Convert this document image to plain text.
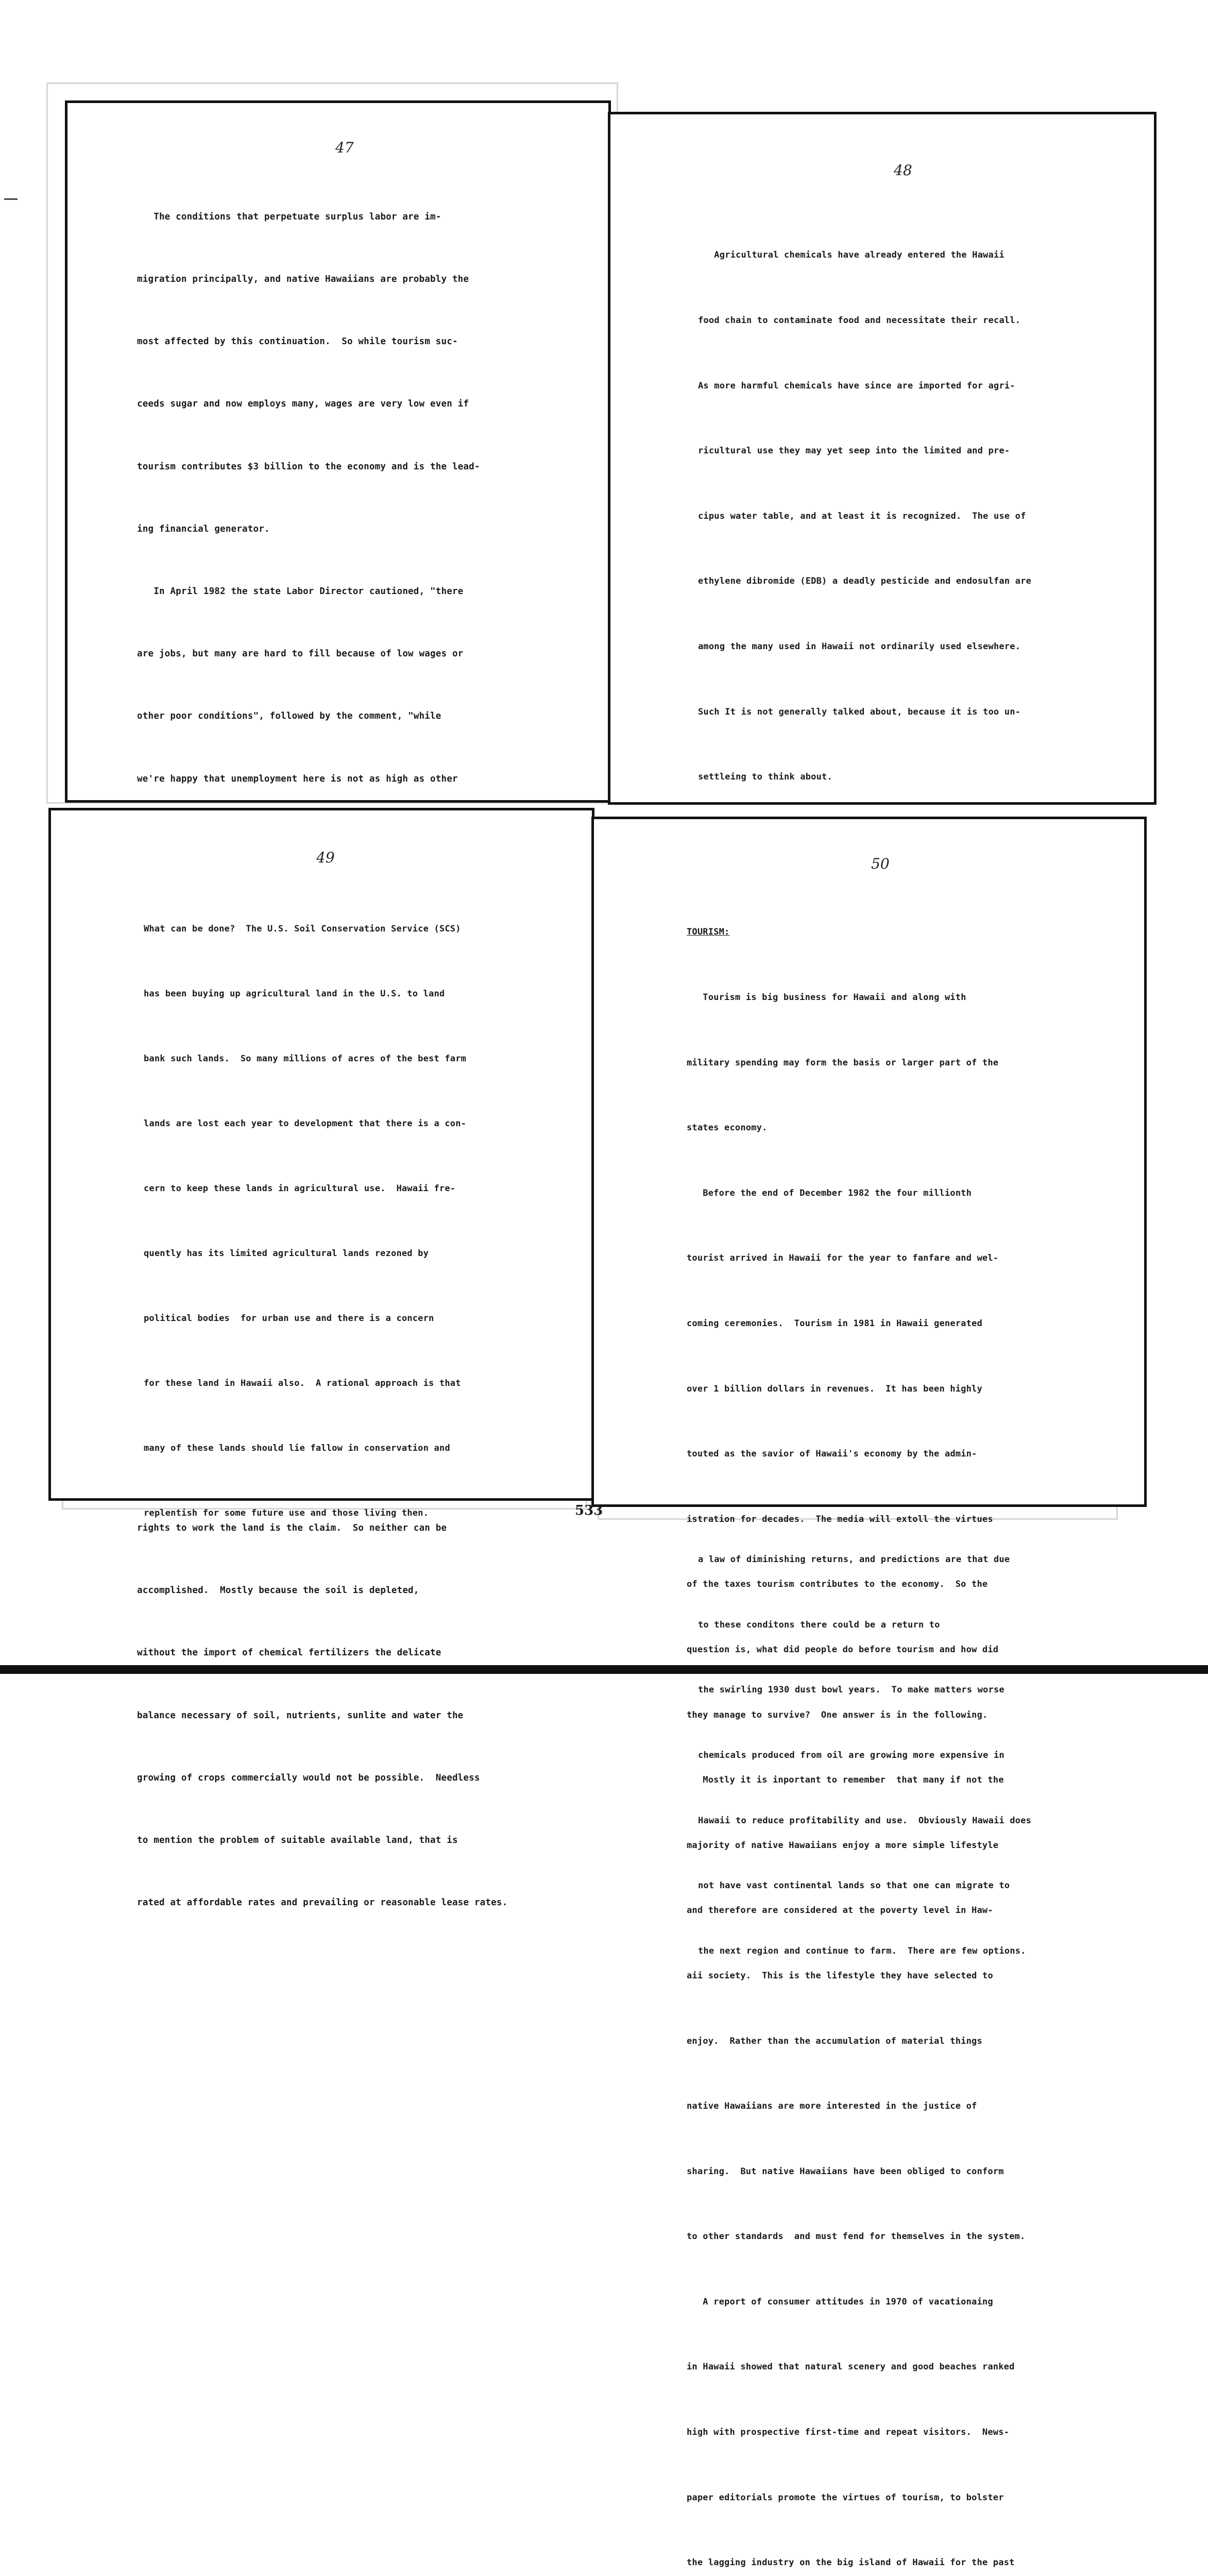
47

The conditions that perpetuate surplus labor are im-

migration principally, and native Hawaiians are probably the

most affected by this continuation.  So while tourism suc-

ceeds sugar and now employs many, wages are very low even if

tourism contributes $3 billion to the economy and is the lead-

ing financial generator.

In April 1982 the state Labor Director cautioned, "there

are jobs, but many are hard to fill because of low wages or

other poor conditions", followed by the comment, "while

we're happy that unemployment here is not as high as other

rights to work the land is the claim.  So neither can be

accomplished.  Mostly because the soil is depleted,

without the import of chemical fertilizers the delicate

balance necessary of soil, nutrients, sunlite and water the

growing of crops commercially would not be possible.  Needless

to mention the problem of suitable available land, that is

rated at affordable rates and prevailing or reasonable lease rates.

48

Agricultural chemicals have already entered the Hawaii

food chain to contaminate food and necessitate their recall.

As more harmful chemicals have since are imported for agri-

ricultural use they may yet seep into the limited and pre-

cipus water table, and at least it is recognized.  The use of

ethylene dibromide (EDB) a deadly pesticide and endosulfan are

among the many used in Hawaii not ordinarily used elsewhere.

Such It is not generally talked about, because it is too un-

settleing to think about.

a law of diminishing returns, and predictions are that due

to these conditons there could be a return to

the swirling 1930 dust bowl years.  To make matters worse

chemicals produced from oil are growing more expensive in

Hawaii to reduce profitability and use.  Obviously Hawaii does

not have vast continental lands so that one can migrate to

the next region and continue to farm.  There are few options.

49

What can be done?  The U.S. Soil Conservation Service (SCS)

has been buying up agricultural land in the U.S. to land

bank such lands.  So many millions of acres of the best farm

lands are lost each year to development that there is a con-

cern to keep these lands in agricultural use.  Hawaii fre-

quently has its limited agricultural lands rezoned by

political bodies  for urban use and there is a concern

for these land in Hawaii also.  A rational approach is that

many of these lands should lie fallow in conservation and

replentish for some future use and those living then.

50

TOURISM:

Tourism is big business for Hawaii and along with

military spending may form the basis or larger part of the

states economy.

Before the end of December 1982 the four millionth

tourist arrived in Hawaii for the year to fanfare and wel-

coming ceremonies.  Tourism in 1981 in Hawaii generated

over 1 billion dollars in revenues.  It has been highly

touted as the savior of Hawaii's economy by the admin-

istration for decades.  The media will extoll the virtues

of the taxes tourism contributes to the economy.  So the

question is, what did people do before tourism and how did

they manage to survive?  One answer is in the following.

Mostly it is inportant to remember  that many if not the

majority of native Hawaiians enjoy a more simple lifestyle

and therefore are considered at the poverty level in Haw-

aii society.  This is the lifestyle they have selected to

enjoy.  Rather than the accumulation of material things

native Hawaiians are more interested in the justice of

sharing.  But native Hawaiians have been obliged to conform

to other standards  and must fend for themselves in the system.

A report of consumer attitudes in 1970 of vacationaing

in Hawaii showed that natural scenery and good beaches ranked

high with prospective first-time and repeat visitors.  News-

paper editorials promote the virtues of tourism, to bolster

the lagging industry on the big island of Hawaii for the past

533
